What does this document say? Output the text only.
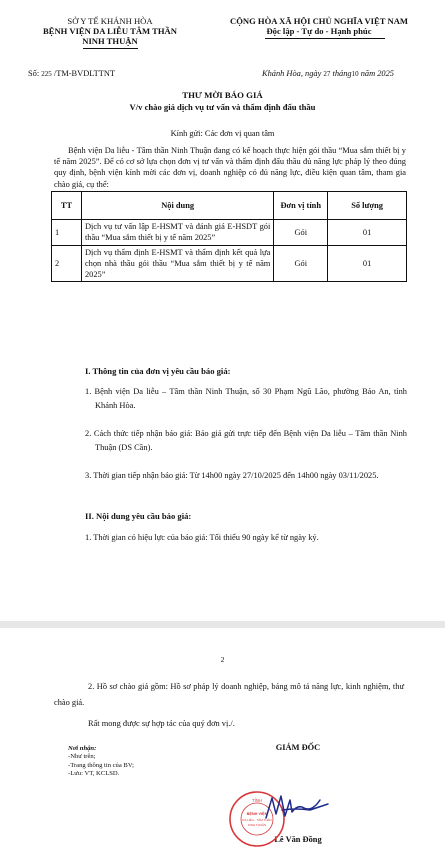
SỞ Y TẾ KHÁNH HÒA
BỆNH VIỆN DA LIỄU TÂM THẦN
NINH THUẬN
CỘNG HÒA XÃ HỘI CHỦ NGHĨA VIỆT NAM
Độc lập - Tự do - Hạnh phúc
Số: 225 /TM-BVDLTTNT	Khánh Hòa, ngày 27 tháng10 năm 2025
THƯ MỜI BÁO GIÁ
V/v chào giá dịch vụ tư vấn và thẩm định đấu thầu
Kính gửi: Các đơn vị quan tâm
Bệnh viện Da liễu - Tâm thần Ninh Thuận đang có kế hoạch thực hiện gói thầu “Mua sắm thiết bị y tế năm 2025”. Để có cơ sở lựa chọn đơn vị tư vấn và thẩm định đấu thầu đủ năng lực pháp lý theo đúng quy định, bệnh viện kính mời các đơn vị, doanh nghiệp có đủ năng lực, điều kiện quan tâm, tham gia chào giá, cụ thể:
TT	Nội dung	Đơn vị tính	Số lượng
1	Dịch vụ tư vấn lập E-HSMT và đánh giá E-HSDT gói thầu “Mua sắm thiết bị y tế năm 2025”	Gói	01
2	Dịch vụ thẩm định E-HSMT và thẩm định kết quả lựa chọn nhà thầu gói thầu “Mua sắm thiết bị y tế năm 2025”	Gói	01
I. Thông tin của đơn vị yêu cầu báo giá:
1. Bệnh viện Da liễu – Tâm thần Ninh Thuận, số 30 Phạm Ngũ Lão, phường Bảo An, tỉnh Khánh Hòa.
2. Cách thức tiếp nhận báo giá: Báo giá gửi trực tiếp đến Bệnh viện Da liễu – Tâm thần Ninh Thuận (DS Cần).
3. Thời gian tiếp nhận báo giá: Từ 14h00 ngày 27/10/2025 đến 14h00 ngày 03/11/2025.
II. Nội dung yêu cầu báo giá:
1. Thời gian có hiệu lực của báo giá: Tối thiểu 90 ngày kể từ ngày ký.
2
2. Hồ sơ chào giá gồm: Hồ sơ pháp lý doanh nghiệp, bảng mô tả năng lực, kinh nghiệm, thư chào giá.
Rất mong được sự hợp tác của quý đơn vị./.
Nơi nhận:
-Như trên;
-Trang thông tin của BV;
-Lưu: VT, KCLSD.
GIÁM ĐỐC
Lê Văn Đồng
TỈNH
BỆNH VIỆN
DA LIỄU - TÂM THẦN
NINH THUẬN
